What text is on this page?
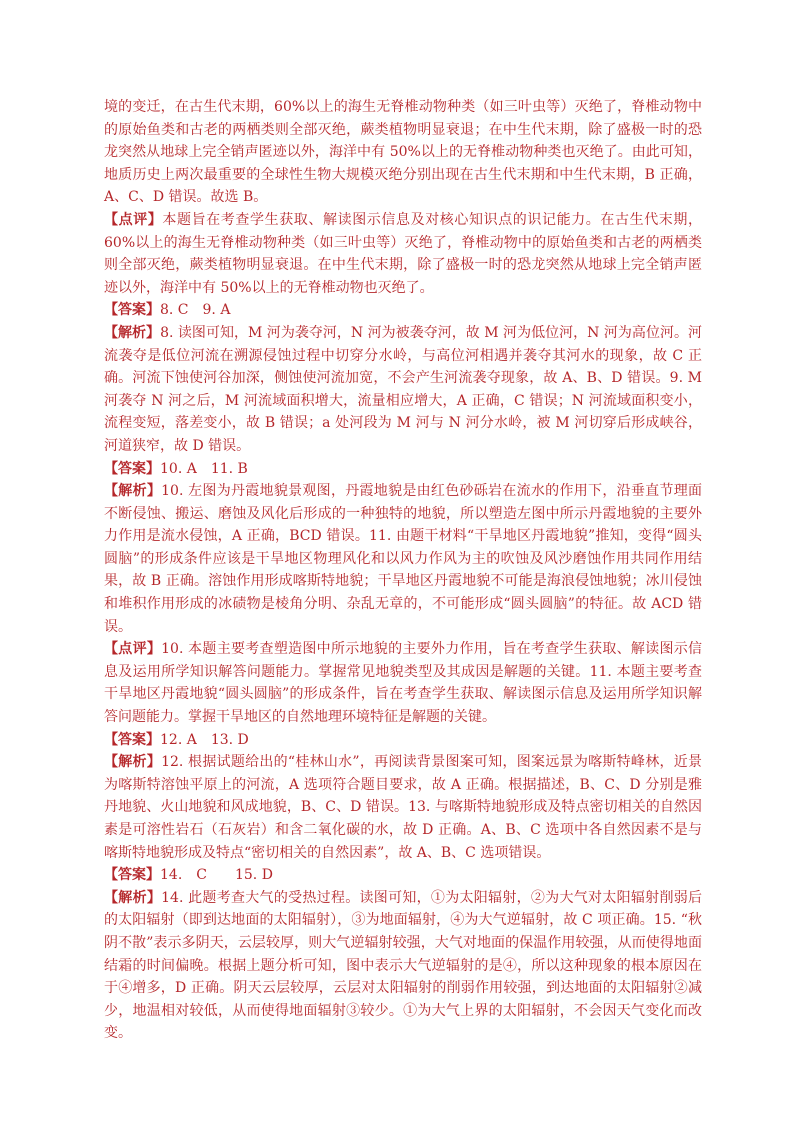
境的变迁，在古生代末期，60%以上的海生无脊椎动物种类（如三叶虫等）灭绝了，脊椎动物中的原始鱼类和古老的两栖类则全部灭绝，蕨类植物明显衰退；在中生代末期，除了盛极一时的恐龙突然从地球上完全销声匿迹以外，海洋中有 50%以上的无脊椎动物种类也灭绝了。由此可知，地质历史上两次最重要的全球性生物大规模灭绝分别出现在古生代末期和中生代末期，B 正确，A、C、D 错误。故选 B。

【点评】本题旨在考查学生获取、解读图示信息及对核心知识点的识记能力。在古生代末期，60%以上的海生无脊椎动物种类（如三叶虫等）灭绝了，脊椎动物中的原始鱼类和古老的两栖类则全部灭绝，蕨类植物明显衰退。在中生代末期，除了盛极一时的恐龙突然从地球上完全销声匿迹以外，海洋中有 50%以上的无脊椎动物也灭绝了。

【答案】8. C　9. A

【解析】8. 读图可知，M 河为袭夺河，N 河为被袭夺河，故 M 河为低位河，N 河为高位河。河流袭夺是低位河流在溯源侵蚀过程中切穿分水岭，与高位河相遇并袭夺其河水的现象，故 C 正确。河流下蚀使河谷加深，侧蚀使河流加宽，不会产生河流袭夺现象，故 A、B、D 错误。9. M 河袭夺 N 河之后，M 河流域面积增大，流量相应增大，A 正确，C 错误；N 河流域面积变小，流程变短，落差变小，故 B 错误；a 处河段为 M 河与 N 河分水岭，被 M 河切穿后形成峡谷，河道狭窄，故 D 错误。

【答案】10. A　11. B

【解析】10. 左图为丹霞地貌景观图，丹霞地貌是由红色砂砾岩在流水的作用下，沿垂直节理面不断侵蚀、搬运、磨蚀及风化后形成的一种独特的地貌，所以塑造左图中所示丹霞地貌的主要外力作用是流水侵蚀，A 正确，BCD 错误。11. 由题干材料“干旱地区丹霞地貌”推知，变得“圆头圆脑”的形成条件应该是干旱地区物理风化和以风力作风为主的吹蚀及风沙磨蚀作用共同作用结果，故 B 正确。溶蚀作用形成喀斯特地貌；干旱地区丹霞地貌不可能是海浪侵蚀地貌；冰川侵蚀和堆积作用形成的冰碛物是棱角分明、杂乱无章的，不可能形成“圆头圆脑”的特征。故 ACD 错误。

【点评】10. 本题主要考查塑造图中所示地貌的主要外力作用，旨在考查学生获取、解读图示信息及运用所学知识解答问题能力。掌握常见地貌类型及其成因是解题的关键。11. 本题主要考查干旱地区丹霞地貌“圆头圆脑”的形成条件，旨在考查学生获取、解读图示信息及运用所学知识解答问题能力。掌握干旱地区的自然地理环境特征是解题的关键。

【答案】12. A　13. D

【解析】12. 根据试题给出的“桂林山水”，再阅读背景图案可知，图案远景为喀斯特峰林，近景为喀斯特溶蚀平原上的河流，A 选项符合题目要求，故 A 正确。根据描述，B、C、D 分别是雅丹地貌、火山地貌和风成地貌，B、C、D 错误。13. 与喀斯特地貌形成及特点密切相关的自然因素是可溶性岩石（石灰岩）和含二氧化碳的水，故 D 正确。A、B、C 选项中各自然因素不是与喀斯特地貌形成及特点“密切相关的自然因素”，故 A、B、C 选项错误。

【答案】14.　C　　15. D

【解析】14. 此题考查大气的受热过程。读图可知，①为太阳辐射，②为大气对太阳辐射削弱后的太阳辐射（即到达地面的太阳辐射），③为地面辐射，④为大气逆辐射，故 C 项正确。15. “秋阴不散”表示多阴天，云层较厚，则大气逆辐射较强，大气对地面的保温作用较强，从而使得地面结霜的时间偏晚。根据上题分析可知，图中表示大气逆辐射的是④，所以这种现象的根本原因在于④增多，D 正确。阴天云层较厚，云层对太阳辐射的削弱作用较强，到达地面的太阳辐射②减少，地温相对较低，从而使得地面辐射③较少。①为大气上界的太阳辐射，不会因天气变化而改变。
